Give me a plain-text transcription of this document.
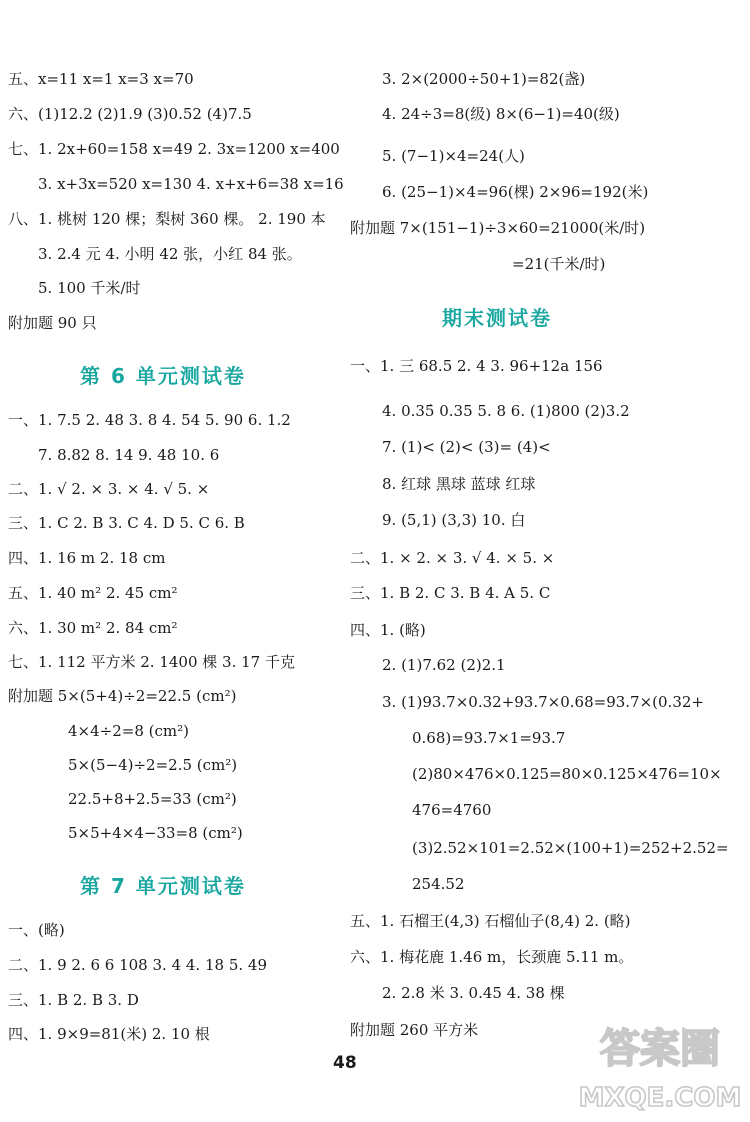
五、x=11 x=1 x=3 x=70
六、(1)12.2 (2)1.9 (3)0.52 (4)7.5
七、1. 2x+60=158 x=49 2. 3x=1200 x=400
3. x+3x=520 x=130 4. x+x+6=38 x=16
八、1. 桃树 120 棵；梨树 360 棵。 2. 190 本
3. 2.4 元 4. 小明 42 张，小红 84 张。
5. 100 千米/时
附加题 90 只
第 6 单元测试卷
一、1. 7.5 2. 48 3. 8 4. 54 5. 90 6. 1.2
7. 8.82 8. 14 9. 48 10. 6
二、1. √ 2. × 3. × 4. √ 5. ×
三、1. C 2. B 3. C 4. D 5. C 6. B
四、1. 16 m 2. 18 cm
五、1. 40 m² 2. 45 cm²
六、1. 30 m² 2. 84 cm²
七、1. 112 平方米 2. 1400 棵 3. 17 千克
附加题 5×(5+4)÷2=22.5 (cm²)
4×4÷2=8 (cm²)
5×(5−4)÷2=2.5 (cm²)
22.5+8+2.5=33 (cm²)
5×5+4×4−33=8 (cm²)
第 7 单元测试卷
一、(略)
二、1. 9 2. 6 6 108 3. 4 4. 18 5. 49
三、1. B 2. B 3. D
四、1. 9×9=81(米) 2. 10 根
3. 2×(2000÷50+1)=82(盏)
4. 24÷3=8(级) 8×(6−1)=40(级)
5. (7−1)×4=24(人)
6. (25−1)×4=96(棵) 2×96=192(米)
附加题 7×(151−1)÷3×60=21000(米/时)
=21(千米/时)
期末测试卷
一、1. 三 68.5 2. 4 3. 96+12a 156
4. 0.35̇ 0.35 5. 8 6. (1)800 (2)3.2
7. (1)< (2)< (3)= (4)<
8. 红球 黑球 蓝球 红球
9. (5,1) (3,3) 10. 白
二、1. × 2. × 3. √ 4. × 5. ×
三、1. B 2. C 3. B 4. A 5. C
四、1. (略)
2. (1)7.62 (2)2.1
3. (1)93.7×0.32+93.7×0.68=93.7×(0.32+
0.68)=93.7×1=93.7
(2)80×476×0.125=80×0.125×476=10×
476=4760
(3)2.52×101=2.52×(100+1)=252+2.52=
254.52
五、1. 石榴王(4,3) 石榴仙子(8,4) 2. (略)
六、1. 梅花鹿 1.46 m，长颈鹿 5.11 m。
2. 2.8 米 3. 0.45 4. 38 棵
附加题 260 平方米
48	答案圈
MXQE.COM
